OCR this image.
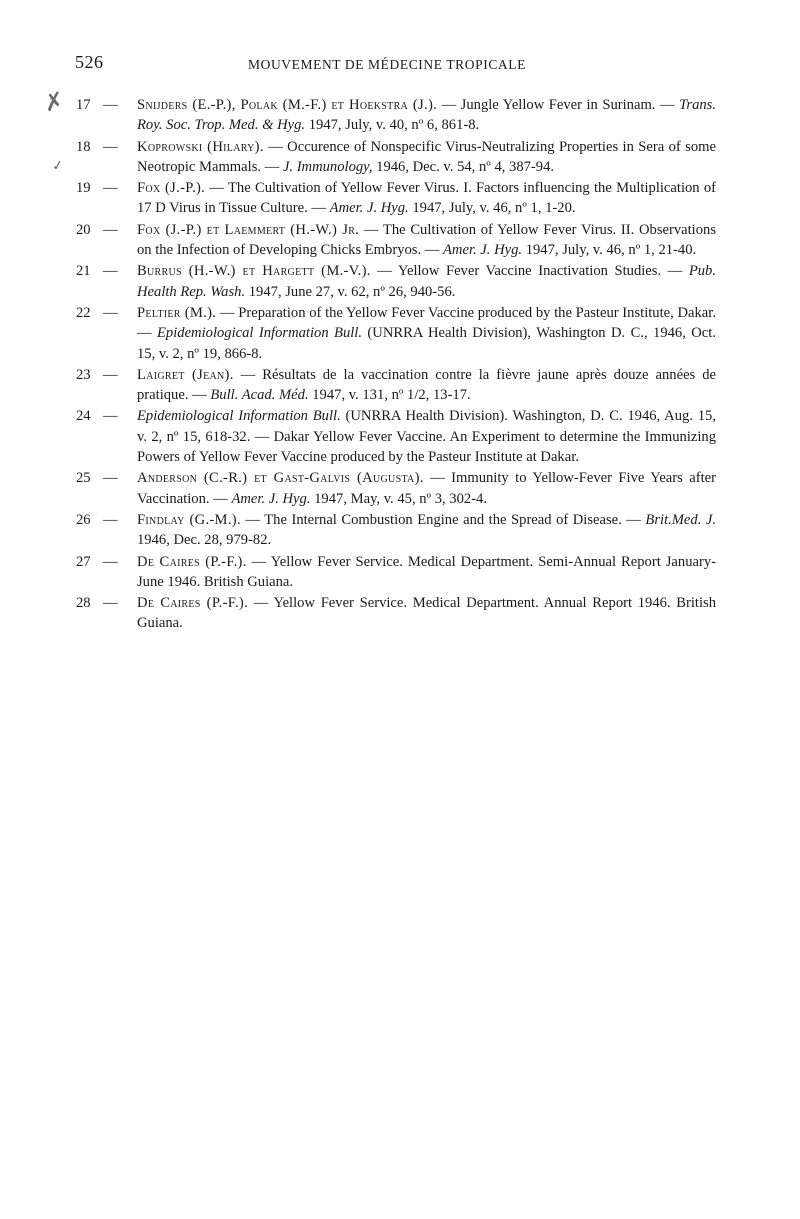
526	MOUVEMENT DE MÉDECINE TROPICALE
✗
✓
17 — Snijders (E.-P.), Polak (M.-F.) et Hoekstra (J.). — Jungle Yellow Fever in Surinam. — Trans. Roy. Soc. Trop. Med. & Hyg. 1947, July, v. 40, nº 6, 861-8.
18 — Koprowski (Hilary). — Occurence of Nonspecific Virus-Neutralizing Properties in Sera of some Neotropic Mammals. — J. Immunology, 1946, Dec. v. 54, nº 4, 387-94.
19 — Fox (J.-P.). — The Cultivation of Yellow Fever Virus. I. Factors influencing the Multiplication of 17 D Virus in Tissue Culture. — Amer. J. Hyg. 1947, July, v. 46, nº 1, 1-20.
20 — Fox (J.-P.) et Laemmert (H.-W.) Jr. — The Cultivation of Yellow Fever Virus. II. Observations on the Infection of Developing Chicks Embryos. — Amer. J. Hyg. 1947, July, v. 46, nº 1, 21-40.
21 — Burrus (H.-W.) et Hargett (M.-V.). — Yellow Fever Vaccine Inactivation Studies. — Pub. Health Rep. Wash. 1947, June 27, v. 62, nº 26, 940-56.
22 — Peltier (M.). — Preparation of the Yellow Fever Vaccine produced by the Pasteur Institute, Dakar. — Epidemiological Information Bull. (UNRRA Health Division), Washington D. C., 1946, Oct. 15, v. 2, nº 19, 866-8.
23 — Laigret (Jean). — Résultats de la vaccination contre la fièvre jaune après douze années de pratique. — Bull. Acad. Méd. 1947, v. 131, nº 1/2, 13-17.
24 — Epidemiological Information Bull. (UNRRA Health Division). Washington, D. C. 1946, Aug. 15, v. 2, nº 15, 618-32. — Dakar Yellow Fever Vaccine. An Experiment to determine the Immunizing Powers of Yellow Fever Vaccine produced by the Pasteur Institute at Dakar.
25 — Anderson (C.-R.) et Gast-Galvis (Augusta). — Immunity to Yellow-Fever Five Years after Vaccination. — Amer. J. Hyg. 1947, May, v. 45, nº 3, 302-4.
26 — Findlay (G.-M.). — The Internal Combustion Engine and the Spread of Disease. — Brit.Med. J. 1946, Dec. 28, 979-82.
27 — De Caires (P.-F.). — Yellow Fever Service. Medical Department. Semi-Annual Report January-June 1946. British Guiana.
28 — De Caires (P.-F.). — Yellow Fever Service. Medical Department. Annual Report 1946. British Guiana.
